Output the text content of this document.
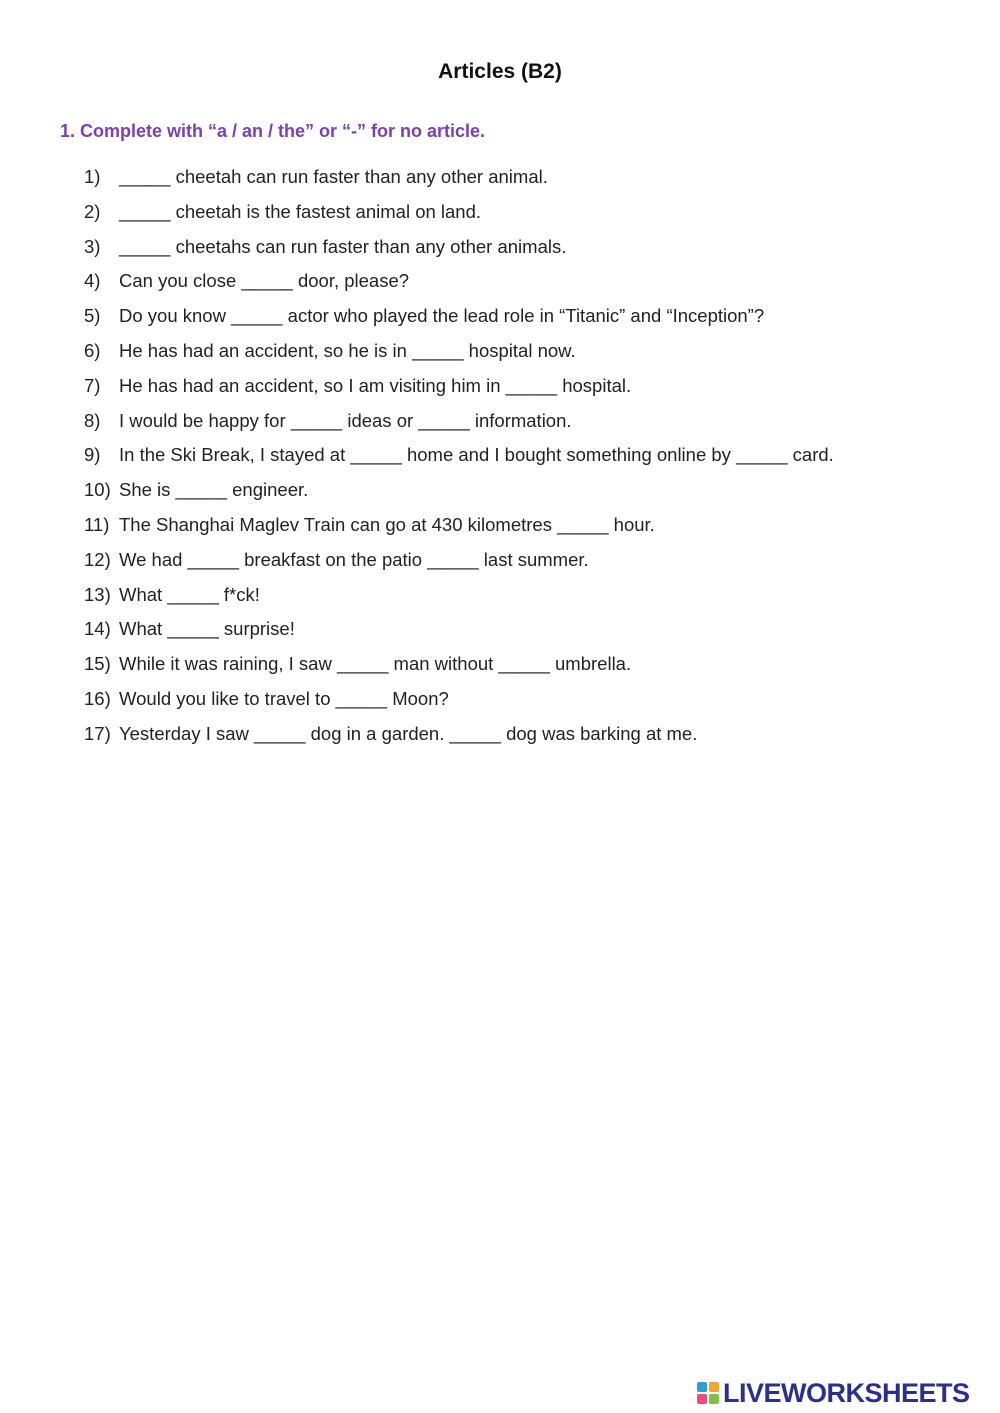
Articles (B2)
1. Complete with “a / an / the” or “-” for no article.
1) _____ cheetah can run faster than any other animal.
2) _____ cheetah is the fastest animal on land.
3) _____ cheetahs can run faster than any other animals.
4) Can you close _____ door, please?
5) Do you know _____ actor who played the lead role in “Titanic” and “Inception”?
6) He has had an accident, so he is in _____ hospital now.
7) He has had an accident, so I am visiting him in _____ hospital.
8) I would be happy for _____ ideas or _____ information.
9) In the Ski Break, I stayed at _____ home and I bought something online by _____ card.
10) She is _____ engineer.
11) The Shanghai Maglev Train can go at 430 kilometres _____ hour.
12) We had _____ breakfast on the patio _____ last summer.
13) What _____ f*ck!
14) What _____ surprise!
15) While it was raining, I saw _____ man without _____ umbrella.
16) Would you like to travel to _____ Moon?
17) Yesterday I saw _____ dog in a garden. _____ dog was barking at me.
LIVEWORKSHEETS
